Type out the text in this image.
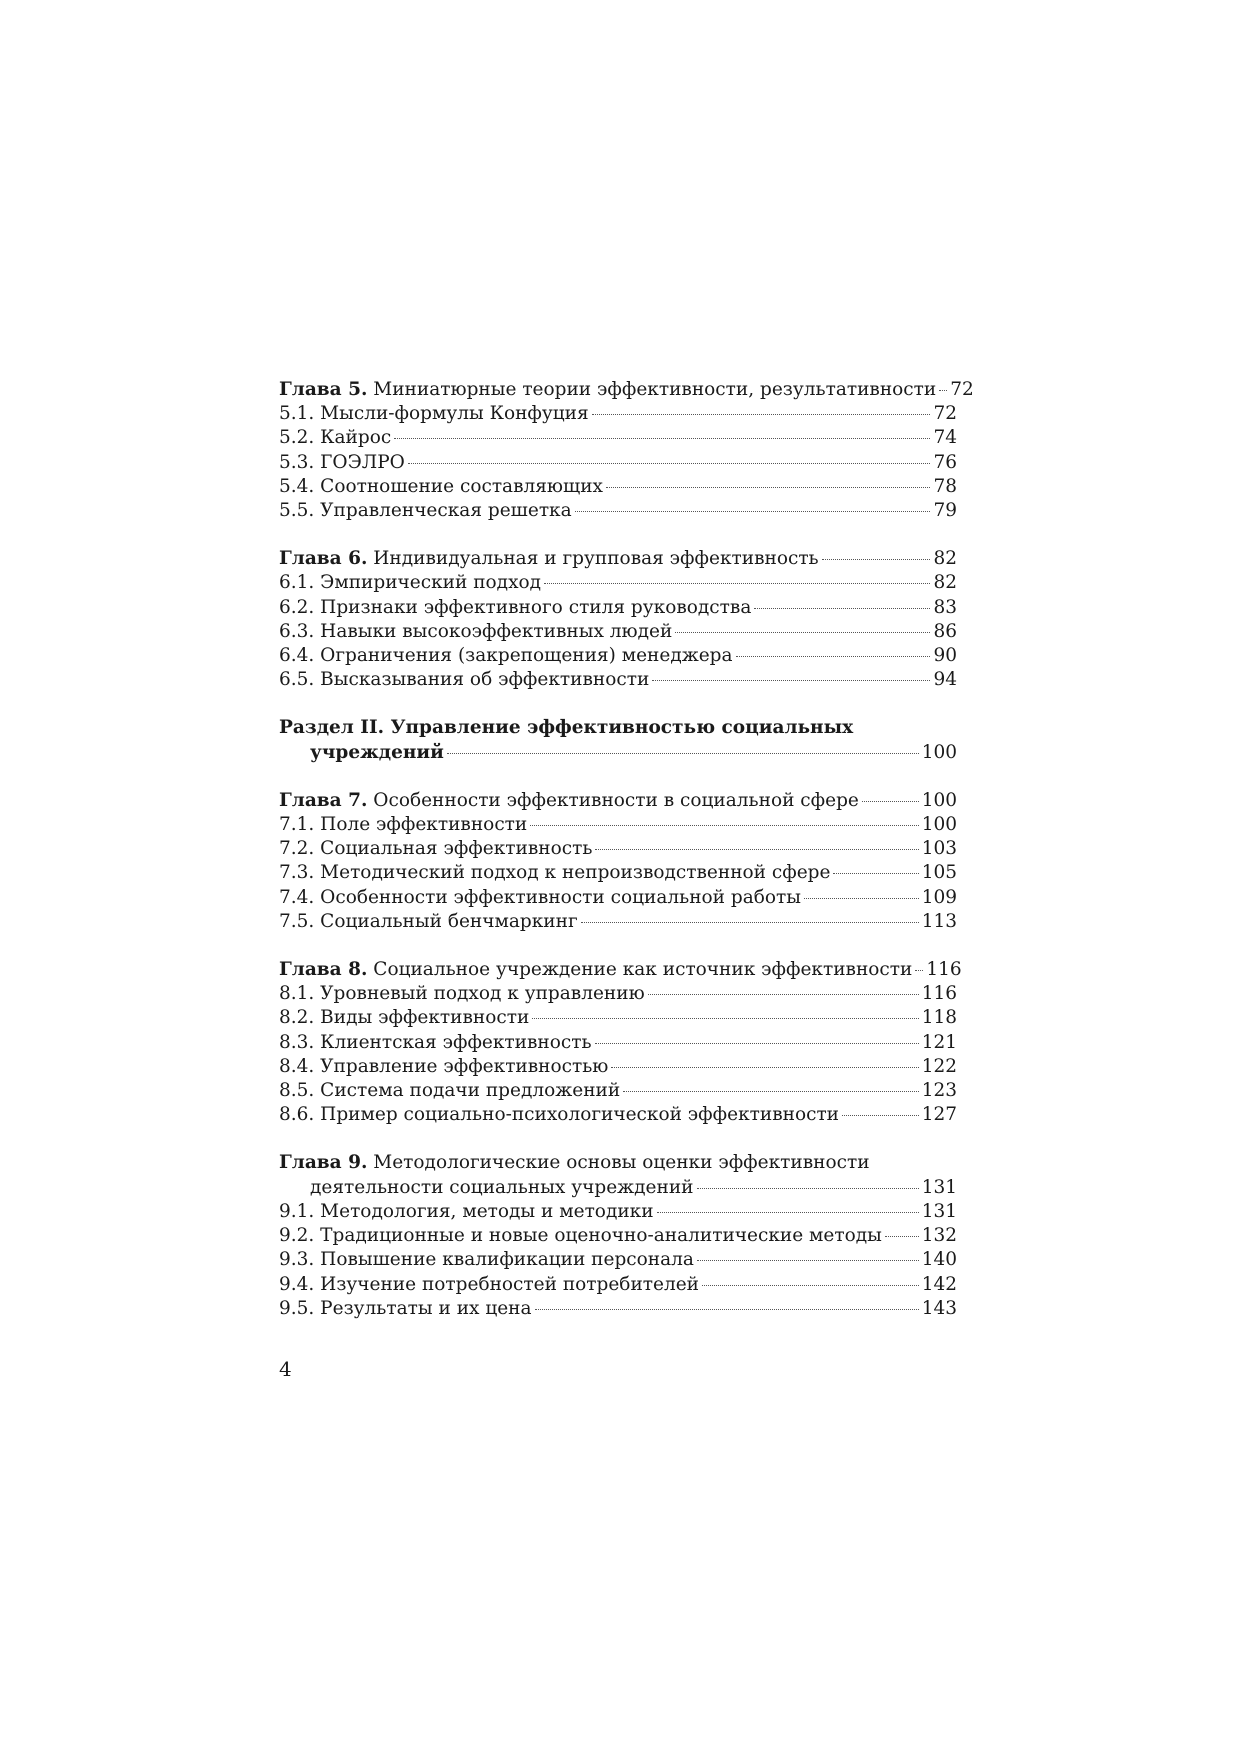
Глава 5. Миниатюрные теории эффективности, результативности 72
5.1. Мысли-формулы Конфуция	72
5.2. Кайрос	74
5.3. ГОЭЛРО	76
5.4. Соотношение составляющих	78
5.5. Управленческая решетка	79
Глава 6. Индивидуальная и групповая эффективность	82
6.1. Эмпирический подход	82
6.2. Признаки эффективного стиля руководства	83
6.3. Навыки высокоэффективных людей	86
6.4. Ограничения (закрепощения) менеджера	90
6.5. Высказывания об эффективности	94
Раздел II. Управление эффективностью социальных
учреждений	100
Глава 7. Особенности эффективности в социальной сфере	100
7.1. Поле эффективности	100
7.2. Социальная эффективность	103
7.3. Методический подход к непроизводственной сфере	105
7.4. Особенности эффективности социальной работы	109
7.5. Социальный бенчмаркинг	113
Глава 8. Социальное учреждение как источник эффективности 116
8.1. Уровневый подход к управлению	116
8.2. Виды эффективности	118
8.3. Клиентская эффективность	121
8.4. Управление эффективностью	122
8.5. Система подачи предложений	123
8.6. Пример социально-психологической эффективности	127
Глава 9. Методологические основы оценки эффективности
деятельности социальных учреждений	131
9.1. Методология, методы и методики	131
9.2. Традиционные и новые оценочно-аналитические методы 132
9.3. Повышение квалификации персонала	140
9.4. Изучение потребностей потребителей	142
9.5. Результаты и их цена	143
4
